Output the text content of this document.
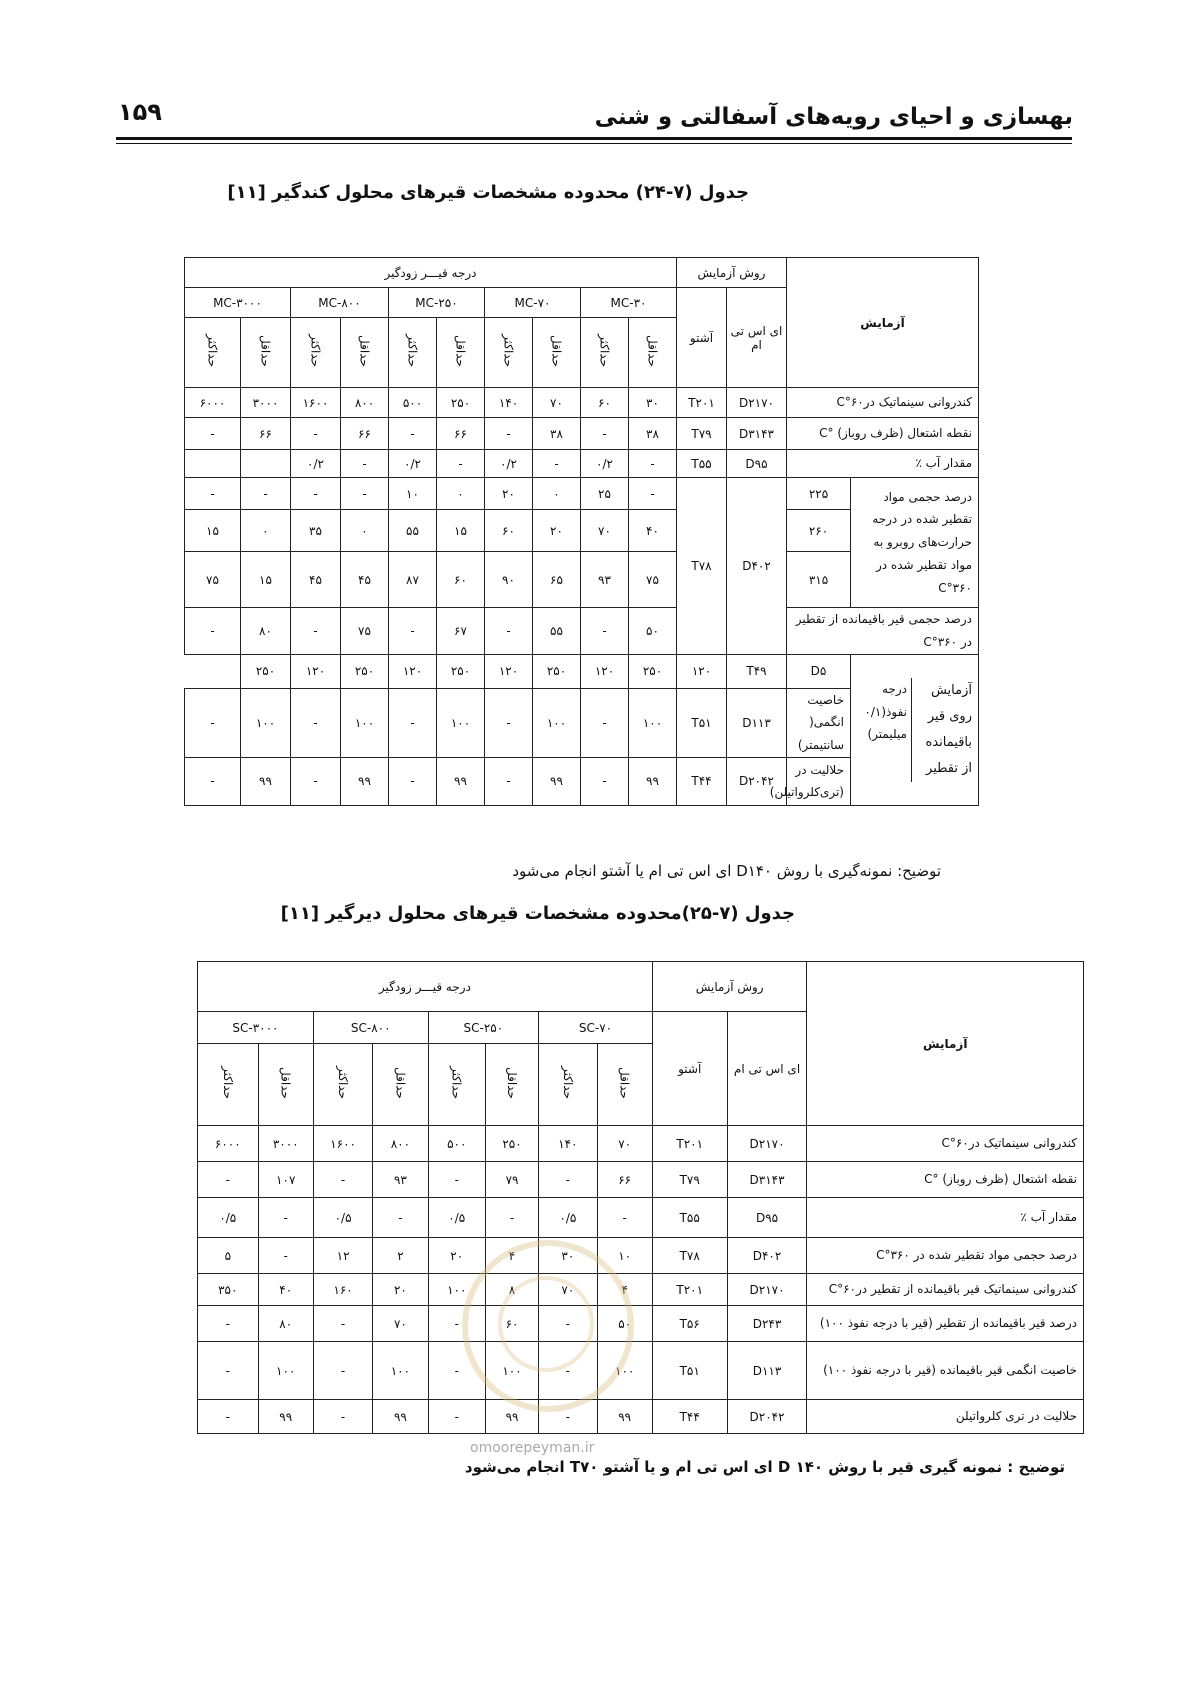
۱۵۹	بهسازی و احیای رویه‌های آسفالتی و شنی
جدول (۷-۲۴) محدوده مشخصات قیرهای محلول کندگیر [۱۱]
آزمایش		روش آزمایش		درجه قیـــر زودگیر									
		ای اس تی ام	آشتو	MC-۳۰		MC-۷۰		MC-۲۵۰		MC-۸۰۰		MC-۳۰۰۰	
				حداقل	حداکثر	حداقل	حداکثر	حداقل	حداکثر	حداقل	حداکثر	حداقل	حداکثر
کندروانی سینماتیک در۶۰°C		D۲۱۷۰	T۲۰۱	۳۰	۶۰	۷۰	۱۴۰	۲۵۰	۵۰۰	۸۰۰	۱۶۰۰	۳۰۰۰	۶۰۰۰
نقطه اشتعال (ظرف روباز) °C		D۳۱۴۳	T۷۹	۳۸	-	۳۸	-	۶۶	-	۶۶	-	۶۶	-
مقدار آب ٪		D۹۵	T۵۵	-	۰/۲	-	۰/۲	-	۰/۲	-	۰/۲		
درصد حجمی مواد تقطیر شده در درجه حرارت‌های روبرو به مواد تقطیر شده در ۳۶۰°C	۲۲۵	D۴۰۲	T۷۸	-	۲۵	۰	۲۰	۰	۱۰	-	-	-	-
	۲۶۰			۴۰	۷۰	۲۰	۶۰	۱۵	۵۵	۰	۳۵	۰	۱۵
	۳۱۵			۷۵	۹۳	۶۵	۹۰	۶۰	۸۷	۴۵	۴۵	۱۵	۷۵
درصد حجمی قیر باقیمانده از تقطیر در ۳۶۰°C				۵۰	-	۵۵	-	۶۷	-	۷۵	-	۸۰	-

آزمایش روی قیر باقیمانده از تقطیر
درجه نفوذ(۰/۱ میلیمتر)	D۵	T۴۹	۱۲۰	۲۵۰	۱۲۰	۲۵۰	۱۲۰	۲۵۰	۱۲۰	۲۵۰	۱۲۰	۲۵۰	
	خاصیت انگمی( سانتیمتر)	D۱۱۳	T۵۱	۱۰۰	-	۱۰۰	-	۱۰۰	-	۱۰۰	-	۱۰۰	-
	حلالیت در (تری‌کلرواتیلن)	D۲۰۴۲	T۴۴	۹۹	-	۹۹	-	۹۹	-	۹۹	-	۹۹	-
توضیح: نمونه‌گیری با روش D۱۴۰ ای اس تی ام یا آشتو انجام می‌شود
جدول (۷-۲۵)محدوده مشخصات قیرهای محلول دیرگیر [۱۱]
آزمایش	روش آزمایش		درجه قیـــر زودگیر							
	ای اس تی ام	آشتو	SC-۷۰		SC-۲۵۰		SC-۸۰۰		SC-۳۰۰۰	
			حداقل	حداکثر	حداقل	حداکثر	حداقل	حداکثر	حداقل	حداکثر
کندروانی سینماتیک در۶۰°C	D۲۱۷۰	T۲۰۱	۷۰	۱۴۰	۲۵۰	۵۰۰	۸۰۰	۱۶۰۰	۳۰۰۰	۶۰۰۰
نقطه اشتعال (ظرف روباز) °C	D۳۱۴۳	T۷۹	۶۶	-	۷۹	-	۹۳	-	۱۰۷	-
مقدار آب ٪	D۹۵	T۵۵	-	۰/۵	-	۰/۵	-	۰/۵	-	۰/۵
درصد حجمی مواد تقطیر شده در ۳۶۰°C	D۴۰۲	T۷۸	۱۰	۳۰	۴	۲۰	۲	۱۲	-	۵
کندروانی سینماتیک قیر باقیمانده از تقطیر در۶۰°C	D۲۱۷۰	T۲۰۱	۴	۷۰	۸	۱۰۰	۲۰	۱۶۰	۴۰	۳۵۰
درصد قیر باقیمانده از تقطیر (قیر با درجه نفوذ ۱۰۰)	D۲۴۳	T۵۶	۵۰	-	۶۰	-	۷۰	-	۸۰	-
خاصیت انگمی قیر باقیمانده (قیر با درجه نفوذ ۱۰۰)	D۱۱۳	T۵۱	۱۰۰	-	۱۰۰	-	۱۰۰	-	۱۰۰	-
حلالیت در تری کلرواتیلن	D۲۰۴۲	T۴۴	۹۹	-	۹۹	-	۹۹	-	۹۹	-
توضیح : نمونه گیری قیر با روش D ۱۴۰ ای اس تی ام و یا آشتو T۷۰ انجام می‌شود
omoorepeyman.ir
